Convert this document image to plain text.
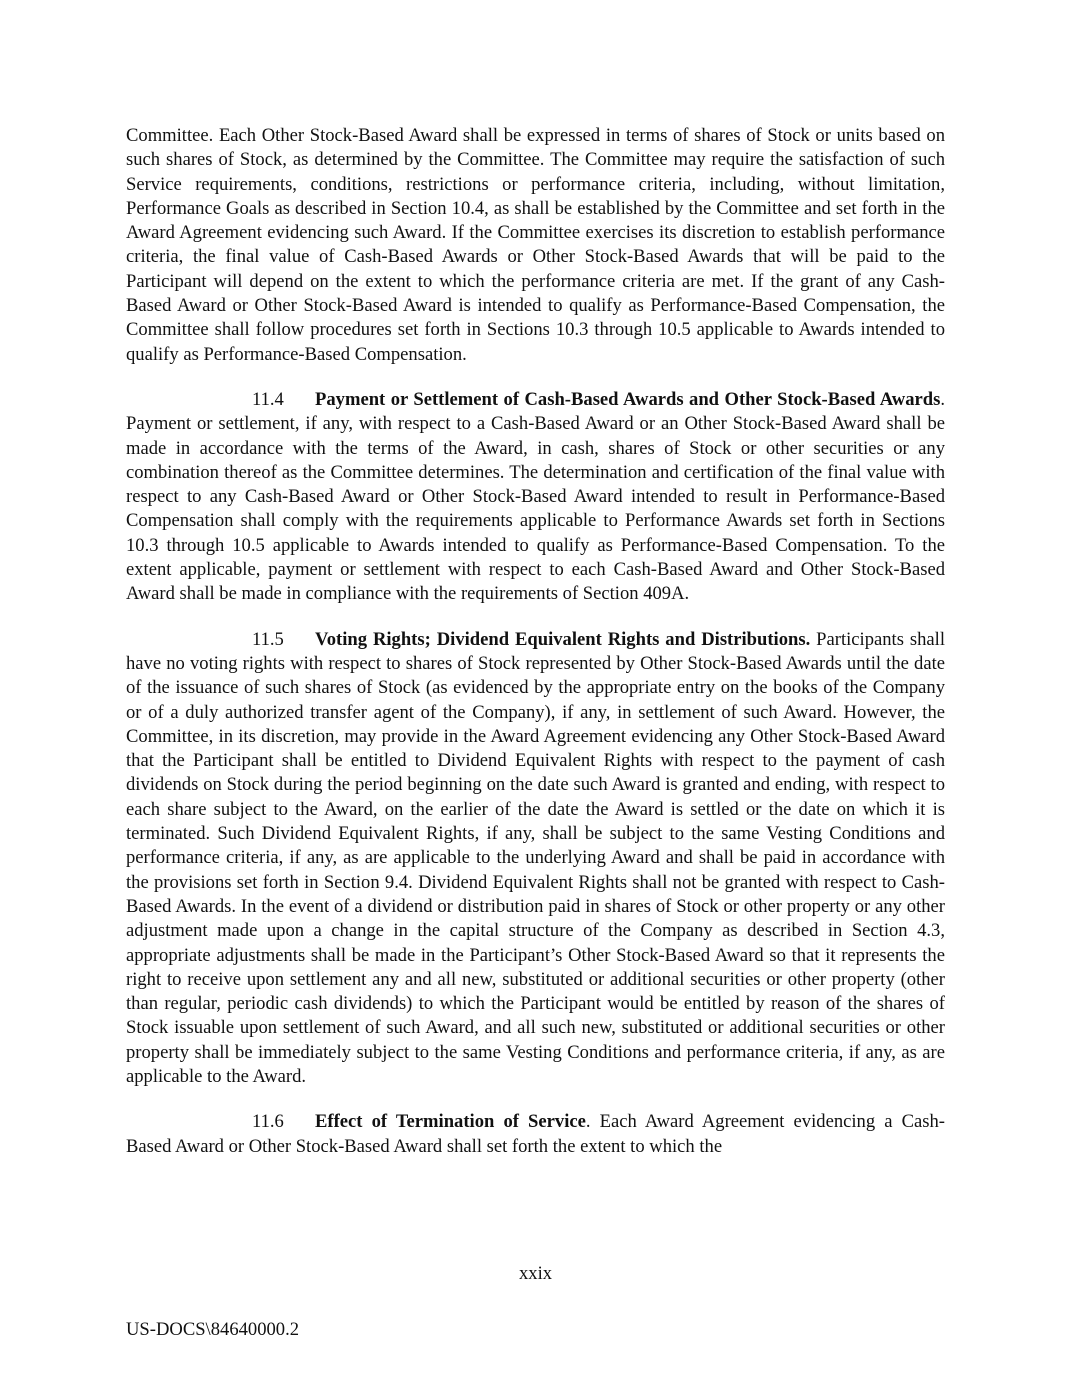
Committee. Each Other Stock-Based Award shall be expressed in terms of shares of Stock or units based on such shares of Stock, as determined by the Committee. The Committee may require the satisfaction of such Service requirements, conditions, restrictions or performance criteria, including, without limitation, Performance Goals as described in Section 10.4, as shall be established by the Committee and set forth in the Award Agreement evidencing such Award. If the Committee exercises its discretion to establish performance criteria, the final value of Cash-Based Awards or Other Stock-Based Awards that will be paid to the Participant will depend on the extent to which the performance criteria are met. If the grant of any Cash-Based Award or Other Stock-Based Award is intended to qualify as Performance-Based Compensation, the Committee shall follow procedures set forth in Sections 10.3 through 10.5 applicable to Awards intended to qualify as Performance-Based Compensation.

11.4 Payment or Settlement of Cash-Based Awards and Other Stock-Based Awards. Payment or settlement, if any, with respect to a Cash-Based Award or an Other Stock-Based Award shall be made in accordance with the terms of the Award, in cash, shares of Stock or other securities or any combination thereof as the Committee determines. The determination and certification of the final value with respect to any Cash-Based Award or Other Stock-Based Award intended to result in Performance-Based Compensation shall comply with the requirements applicable to Performance Awards set forth in Sections 10.3 through 10.5 applicable to Awards intended to qualify as Performance-Based Compensation. To the extent applicable, payment or settlement with respect to each Cash-Based Award and Other Stock-Based Award shall be made in compliance with the requirements of Section 409A.

11.5 Voting Rights; Dividend Equivalent Rights and Distributions. Participants shall have no voting rights with respect to shares of Stock represented by Other Stock-Based Awards until the date of the issuance of such shares of Stock (as evidenced by the appropriate entry on the books of the Company or of a duly authorized transfer agent of the Company), if any, in settlement of such Award. However, the Committee, in its discretion, may provide in the Award Agreement evidencing any Other Stock-Based Award that the Participant shall be entitled to Dividend Equivalent Rights with respect to the payment of cash dividends on Stock during the period beginning on the date such Award is granted and ending, with respect to each share subject to the Award, on the earlier of the date the Award is settled or the date on which it is terminated. Such Dividend Equivalent Rights, if any, shall be subject to the same Vesting Conditions and performance criteria, if any, as are applicable to the underlying Award and shall be paid in accordance with the provisions set forth in Section 9.4. Dividend Equivalent Rights shall not be granted with respect to Cash-Based Awards. In the event of a dividend or distribution paid in shares of Stock or other property or any other adjustment made upon a change in the capital structure of the Company as described in Section 4.3, appropriate adjustments shall be made in the Participant’s Other Stock-Based Award so that it represents the right to receive upon settlement any and all new, substituted or additional securities or other property (other than regular, periodic cash dividends) to which the Participant would be entitled by reason of the shares of Stock issuable upon settlement of such Award, and all such new, substituted or additional securities or other property shall be immediately subject to the same Vesting Conditions and performance criteria, if any, as are applicable to the Award.

11.6 Effect of Termination of Service. Each Award Agreement evidencing a Cash-Based Award or Other Stock-Based Award shall set forth the extent to which the

xxix
US-DOCS\84640000.2
